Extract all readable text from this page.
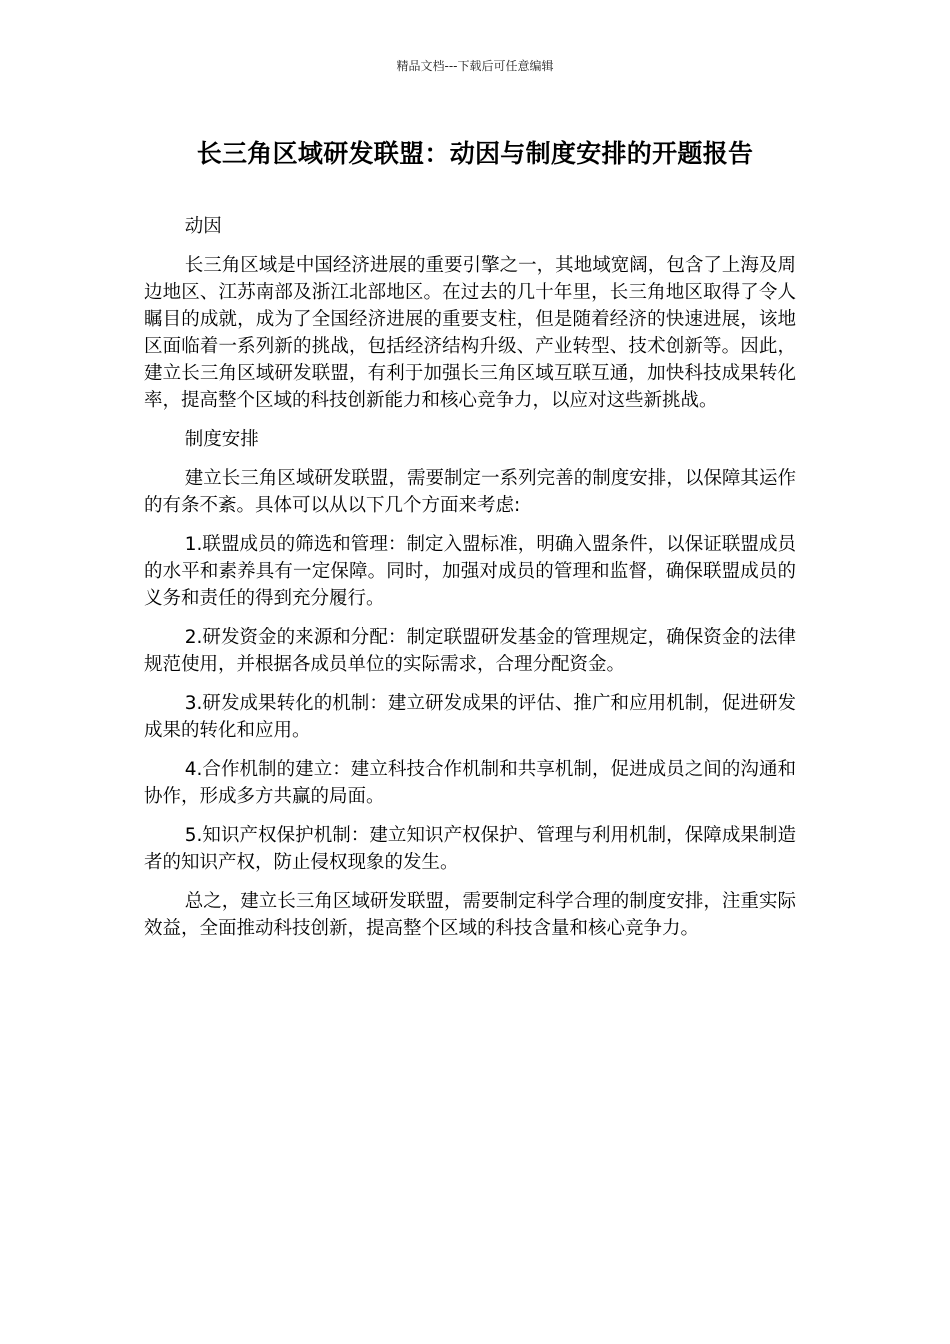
精品文档---下载后可任意编辑
长三角区域研发联盟：动因与制度安排的开题报告

动因

长三角区域是中国经济进展的重要引擎之一，其地域宽阔，包含了上海及周边地区、江苏南部及浙江北部地区。在过去的几十年里，长三角地区取得了令人瞩目的成就，成为了全国经济进展的重要支柱，但是随着经济的快速进展，该地区面临着一系列新的挑战，包括经济结构升级、产业转型、技术创新等。因此，建立长三角区域研发联盟，有利于加强长三角区域互联互通，加快科技成果转化率，提高整个区域的科技创新能力和核心竞争力，以应对这些新挑战。

制度安排

建立长三角区域研发联盟，需要制定一系列完善的制度安排，以保障其运作的有条不紊。具体可以从以下几个方面来考虑:

1.联盟成员的筛选和管理：制定入盟标准，明确入盟条件，以保证联盟成员的水平和素养具有一定保障。同时，加强对成员的管理和监督，确保联盟成员的义务和责任的得到充分履行。

2.研发资金的来源和分配：制定联盟研发基金的管理规定，确保资金的法律规范使用，并根据各成员单位的实际需求，合理分配资金。

3.研发成果转化的机制：建立研发成果的评估、推广和应用机制，促进研发成果的转化和应用。

4.合作机制的建立：建立科技合作机制和共享机制，促进成员之间的沟通和协作，形成多方共赢的局面。

5.知识产权保护机制：建立知识产权保护、管理与利用机制，保障成果制造者的知识产权，防止侵权现象的发生。

总之，建立长三角区域研发联盟，需要制定科学合理的制度安排，注重实际效益，全面推动科技创新，提高整个区域的科技含量和核心竞争力。
